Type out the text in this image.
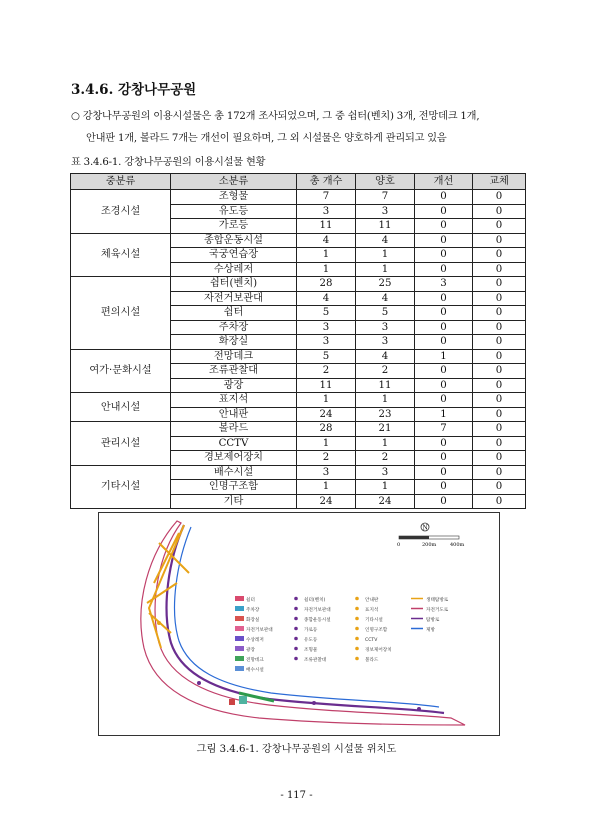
3.4.6. 강창나무공원
○ 강창나무공원의 이용시설물은 총 172개 조사되었으며, 그 중 쉼터(벤치) 3개, 전망데크 1개,
안내판 1개, 볼라드 7개는 개선이 필요하며, 그 외 시설물은 양호하게 관리되고 있음
표 3.4.6-1. 강창나무공원의 이용시설물 현황
중분류	소분류	총 개수	양호	개선	교체
조경시설	조형물	7	7	0	0
	유도등	3	3	0	0
	가로등	11	11	0	0
체육시설	종합운동시설	4	4	0	0
	국궁연습장	1	1	0	0
	수상레저	1	1	0	0
편의시설	쉼터(벤치)	28	25	3	0
	자전거보관대	4	4	0	0
	쉼터	5	5	0	0
	주차장	3	3	0	0
	화장실	3	3	0	0
여가·문화시설	전망데크	5	4	1	0
	조류관찰대	2	2	0	0
	광장	11	11	0	0
안내시설	표지석	1	1	0	0
	안내판	24	23	1	0
관리시설	볼라드	28	21	7	0
	CCTV	1	1	0	0
	경보제어장치	2	2	0	0
기타시설	배수시설	3	3	0	0
	인명구조함	1	1	0	0
	기타	24	24	0	0
N
0	200m	400m
쉼터
주차장
화장실
자전거보관대
수상레저
광장
전망데크
배수시설
쉼터(벤치)
자전거보관대
종합운동시설
가로등
유도등
조형물
조류관찰대
안내판
표지석
기타시설
인명구조함
CCTV
경보제어장치
볼라드
생태탐방로
자전거도로
탐방로
제방
그림 3.4.6-1. 강창나무공원의 시설물 위치도
- 117 -
